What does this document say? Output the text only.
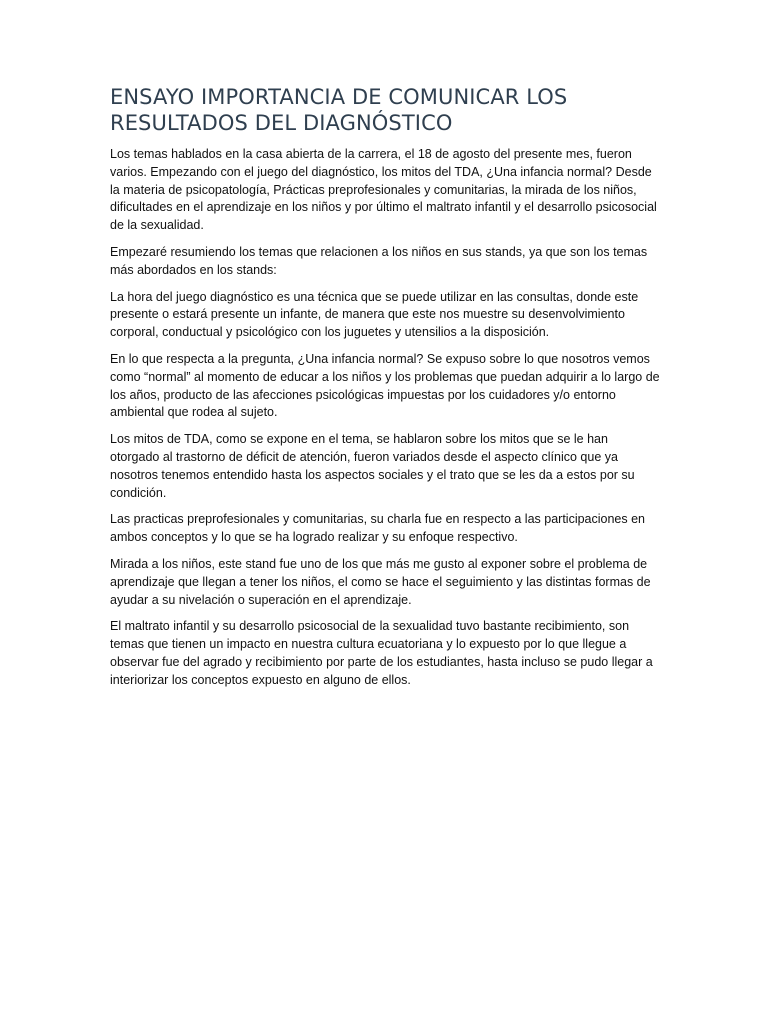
ENSAYO IMPORTANCIA DE COMUNICAR LOS RESULTADOS DEL DIAGNÓSTICO

Los temas hablados en la casa abierta de la carrera, el 18 de agosto del presente mes, fueron varios. Empezando con el juego del diagnóstico, los mitos del TDA, ¿Una infancia normal? Desde la materia de psicopatología, Prácticas preprofesionales y comunitarias, la mirada de los niños, dificultades en el aprendizaje en los niños y por último el maltrato infantil y el desarrollo psicosocial de la sexualidad.

Empezaré resumiendo los temas que relacionen a los niños en sus stands, ya que son los temas más abordados en los stands:

La hora del juego diagnóstico es una técnica que se puede utilizar en las consultas, donde este presente o estará presente un infante, de manera que este nos muestre su desenvolvimiento corporal, conductual y psicológico con los juguetes y utensilios a la disposición.

En lo que respecta a la pregunta, ¿Una infancia normal? Se expuso sobre lo que nosotros vemos como “normal” al momento de educar a los niños y los problemas que puedan adquirir a lo largo de los años, producto de las afecciones psicológicas impuestas por los cuidadores y/o entorno ambiental que rodea al sujeto.

Los mitos de TDA, como se expone en el tema, se hablaron sobre los mitos que se le han otorgado al trastorno de déficit de atención, fueron variados desde el aspecto clínico que ya nosotros tenemos entendido hasta los aspectos sociales y el trato que se les da a estos por su condición.

Las practicas preprofesionales y comunitarias, su charla fue en respecto a las participaciones en ambos conceptos y lo que se ha logrado realizar y su enfoque respectivo.

Mirada a los niños, este stand fue uno de los que más me gusto al exponer sobre el problema de aprendizaje que llegan a tener los niños, el como se hace el seguimiento y las distintas formas de ayudar a su nivelación o superación en el aprendizaje.

El maltrato infantil y su desarrollo psicosocial de la sexualidad tuvo bastante recibimiento, son temas que tienen un impacto en nuestra cultura ecuatoriana y lo expuesto por lo que llegue a observar fue del agrado y recibimiento por parte de los estudiantes, hasta incluso se pudo llegar a interiorizar los conceptos expuesto en alguno de ellos.
